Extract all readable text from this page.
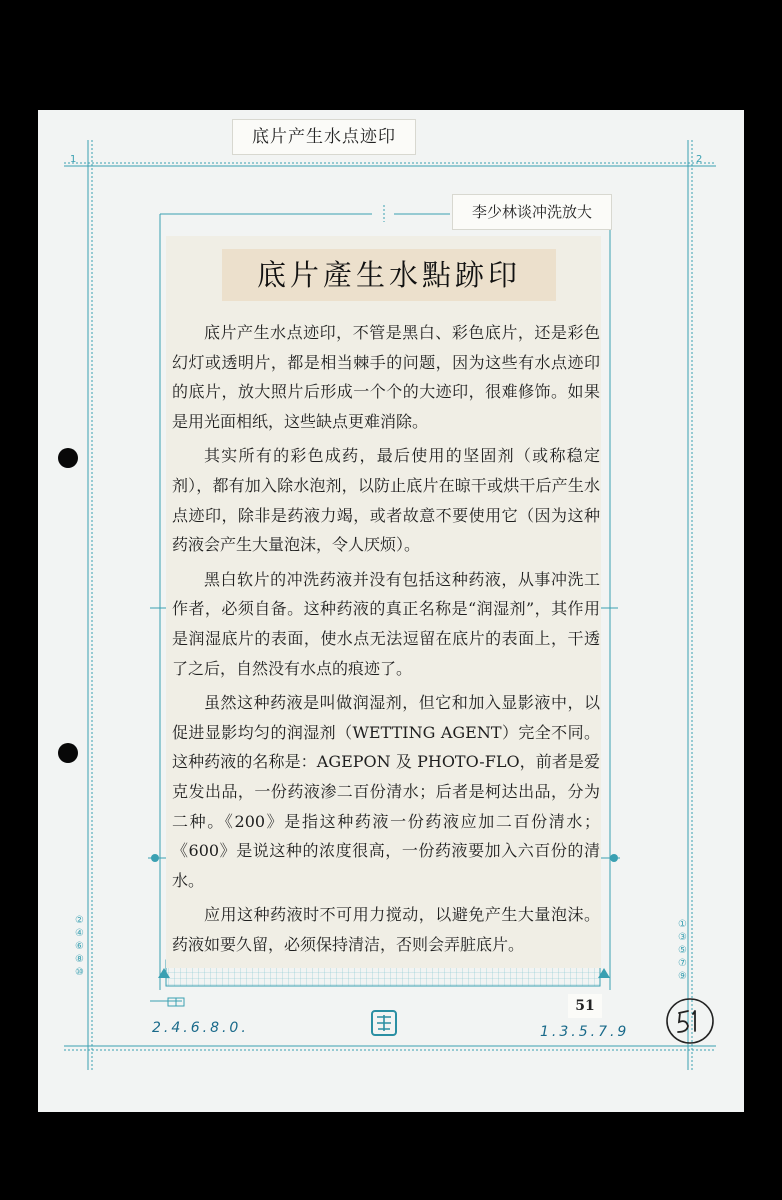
1	2
②
④
⑥
⑧
⑩
①
③
⑤
⑦
⑨
底片产生水点迹印
李少林谈冲洗放大
底片產生水點跡印

底片产生水点迹印，不管是黑白、彩色底片，还是彩色幻灯或透明片，都是相当棘手的问题，因为这些有水点迹印的底片，放大照片后形成一个个的大迹印，很难修饰。如果是用光面相纸，这些缺点更难消除。

其实所有的彩色成药，最后使用的坚固剂（或称稳定剂），都有加入除水泡剂，以防止底片在晾干或烘干后产生水点迹印，除非是药液力竭，或者故意不要使用它（因为这种药液会产生大量泡沫，令人厌烦）。

黑白软片的冲洗药液并没有包括这种药液，从事冲洗工作者，必须自备。这种药液的真正名称是“润湿剂”，其作用是润湿底片的表面，使水点无法逗留在底片的表面上，干透了之后，自然没有水点的痕迹了。

虽然这种药液是叫做润湿剂，但它和加入显影液中，以促进显影均匀的润湿剂（WETTING AGENT）完全不同。这种药液的名称是：AGEPON 及 PHOTO-FLO，前者是爱克发出品，一份药液渗二百份清水；后者是柯达出品，分为二种。《200》是指这种药液一份药液应加二百份清水；《600》是说这种的浓度很高，一份药液要加入六百份的清水。

应用这种药液时不可用力搅动，以避免产生大量泡沫。药液如要久留，必须保持清洁，否则会弄脏底片。

51
2.4.6.8.0.	1.3.5.7.9
